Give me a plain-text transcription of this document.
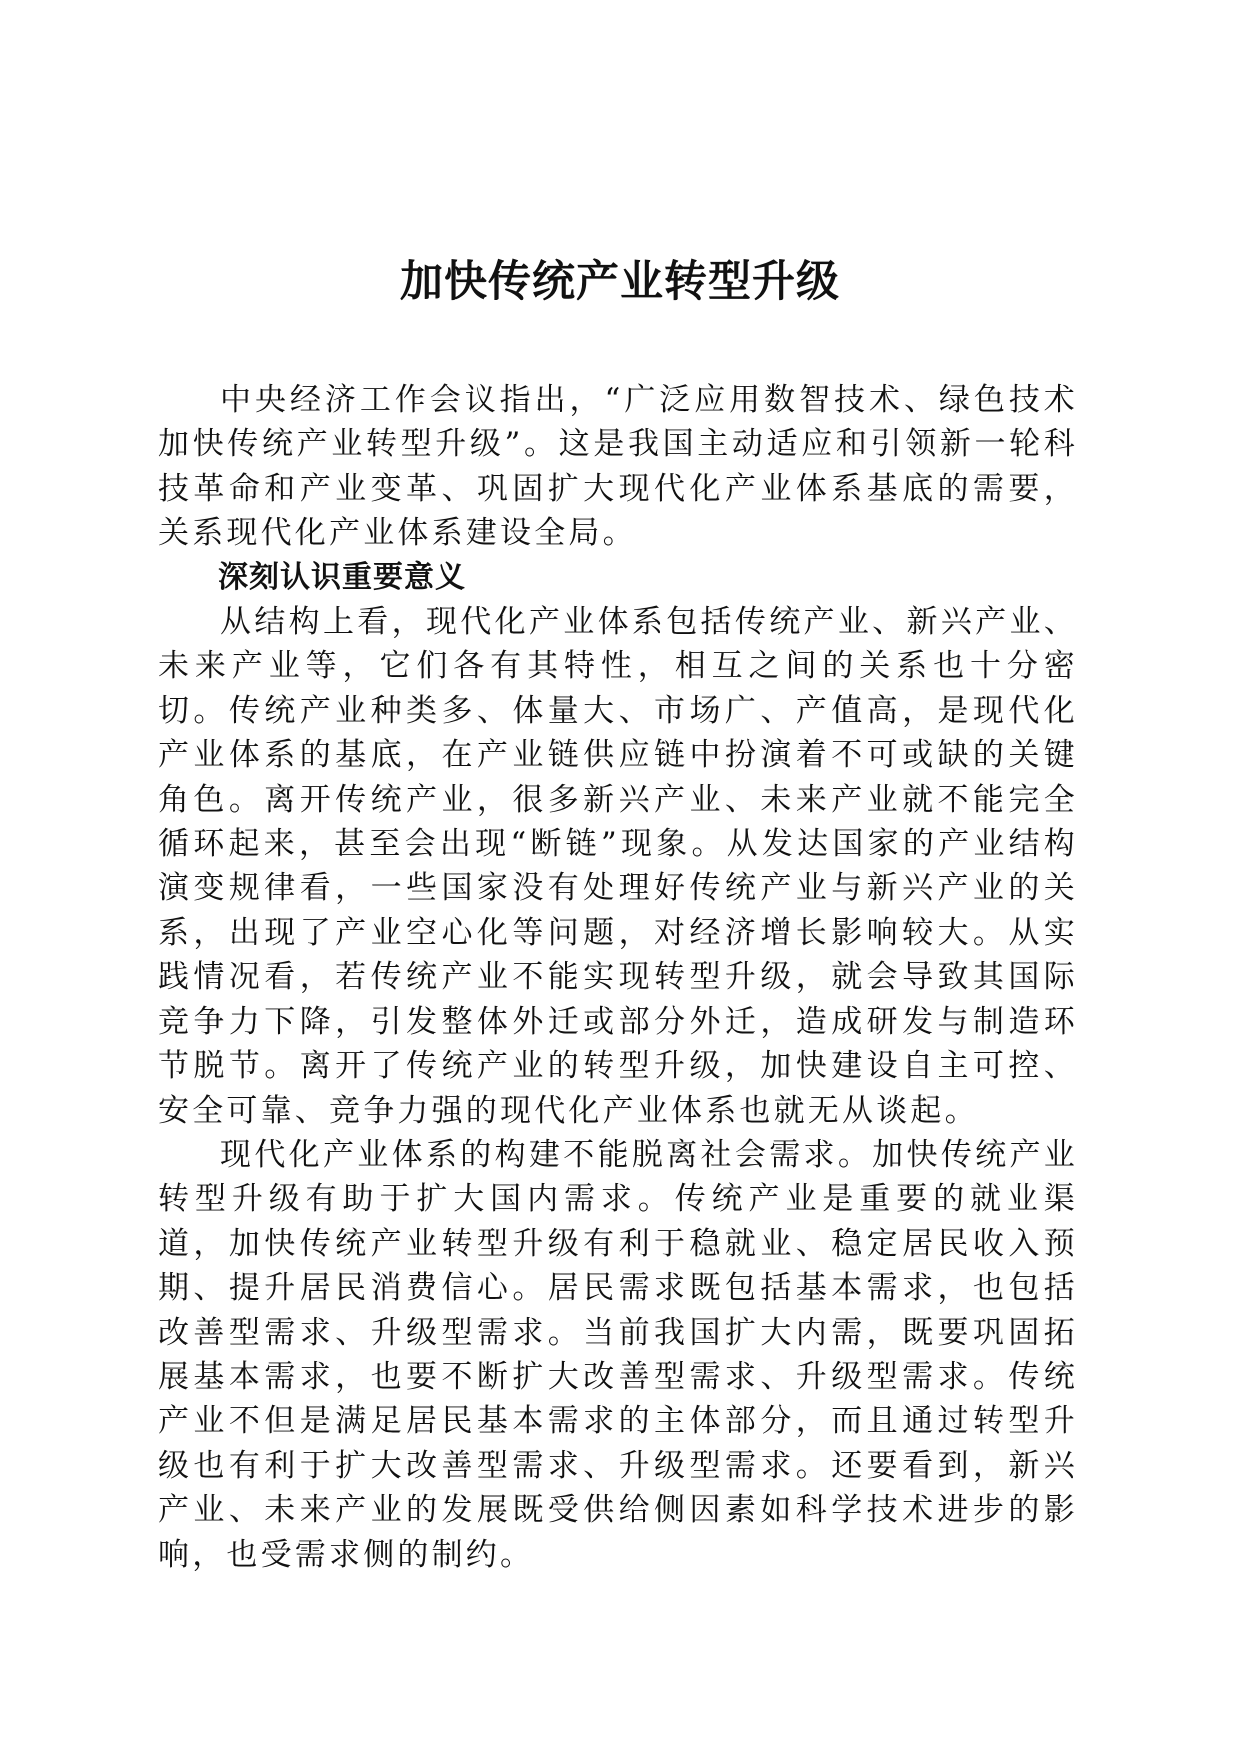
加快传统产业转型升级

中央经济工作会议指出，“广泛应用数智技术、绿色技术加快传统产业转型升级”。这是我国主动适应和引领新一轮科技革命和产业变革、巩固扩大现代化产业体系基底的需要，关系现代化产业体系建设全局。

深刻认识重要意义

从结构上看，现代化产业体系包括传统产业、新兴产业、未来产业等，它们各有其特性，相互之间的关系也十分密切。传统产业种类多、体量大、市场广、产值高，是现代化产业体系的基底，在产业链供应链中扮演着不可或缺的关键角色。离开传统产业，很多新兴产业、未来产业就不能完全循环起来，甚至会出现“断链”现象。从发达国家的产业结构演变规律看，一些国家没有处理好传统产业与新兴产业的关系，出现了产业空心化等问题，对经济增长影响较大。从实践情况看，若传统产业不能实现转型升级，就会导致其国际竞争力下降，引发整体外迁或部分外迁，造成研发与制造环节脱节。离开了传统产业的转型升级，加快建设自主可控、安全可靠、竞争力强的现代化产业体系也就无从谈起。

现代化产业体系的构建不能脱离社会需求。加快传统产业转型升级有助于扩大国内需求。传统产业是重要的就业渠道，加快传统产业转型升级有利于稳就业、稳定居民收入预期、提升居民消费信心。居民需求既包括基本需求，也包括改善型需求、升级型需求。当前我国扩大内需，既要巩固拓展基本需求，也要不断扩大改善型需求、升级型需求。传统产业不但是满足居民基本需求的主体部分，而且通过转型升级也有利于扩大改善型需求、升级型需求。还要看到，新兴产业、未来产业的发展既受供给侧因素如科学技术进步的影响，也受需求侧的制约。
